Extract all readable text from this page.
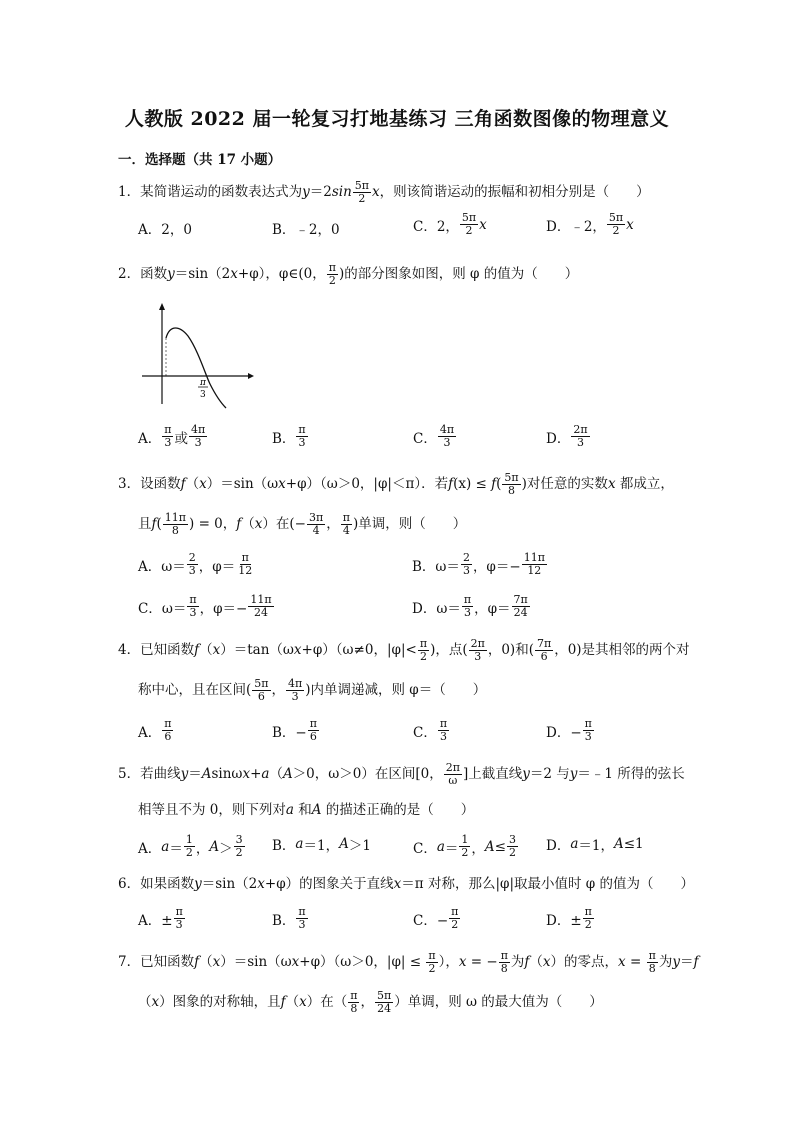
人教版 2022 届一轮复习打地基练习 三角函数图像的物理意义
一．选择题（共 17 小题）
1．某简谐运动的函数表达式为$y=2\sin \frac{5\pi}{2}$ x，则该简谐运动的振幅和初相分别是（　　）
A．2，0	B．﹣2，0	C．2， $\frac{5\pi}{2}$ x	D．﹣2， $\frac{5\pi}{2}$ x
2．函数y＝sin（2x+φ），φ∈(0， $\frac{\pi}{2}$ )的部分图象如图，则 φ 的值为（　　）
π
3
A． $\frac{\pi}{3}$ 或 $\frac{4\pi}{3}$	B． $\frac{\pi}{3}$	C． $\frac{4\pi}{3}$	D． $\frac{2\pi}{3}$
3．设函数f（x）＝sin（ωx+φ）（ω＞0，|φ|＜π）．若$f(x) \le f( \frac{5\pi}{8}$ )对任意的实数x 都成立，
且$f( \frac{11\pi}{8}$ ) = 0，f（x）在(− $\frac{3\pi}{4}$ ， $\frac{\pi}{4}$ )单调，则（　　）
A．$\omega= \frac{2}{3}$ ，$\varphi= \frac{\pi}{12}$	B．$\omega= \frac{2}{3}$ ，$\varphi=- \frac{11\pi}{12}$
C．$\omega= \frac{\pi}{3}$ ，$\varphi=- \frac{11\pi}{24}$	D．$\omega= \frac{\pi}{3}$ ，$\varphi= \frac{7\pi}{24}$
4．已知函数f（x）＝tan（ωx+φ）（ω≠0，$|\varphi|< \frac{\pi}{2}$ )，点( $\frac{2\pi}{3}$ ，0)和( $\frac{7\pi}{6}$ ，0)是其相邻的两个对
称中心，且在区间( $\frac{5\pi}{6}$ ， $\frac{4\pi}{3}$ )内单调递减，则 φ＝（　　）
A． $\frac{\pi}{6}$	B．− $\frac{\pi}{6}$	C． $\frac{\pi}{3}$	D．− $\frac{\pi}{3}$
5．若曲线y＝Asinωx+a（A＞0，ω＞0）在区间[0， $\frac{2\pi}{\omega}$ ]上截直线y＝2 与y＝﹣1 所得的弦长
相等且不为 0，则下列对a 和A 的描述正确的是（　　）
A． $a = \frac{1}{2}$ ， $A > \frac{3}{2}$ B． a ＝1， A ＞1	C． $a = \frac{1}{2}$ ， $A \le \frac{3}{2}$ D． a ＝1， A ≤1
6．如果函数y＝sin（2x+φ）的图象关于直线x＝π 对称，那么|φ|取最小值时 φ 的值为（　　）
A．± $\frac{\pi}{3}$	B． $\frac{\pi}{3}$	C．− $\frac{\pi}{2}$	D．± $\frac{\pi}{2}$
7．已知函数f（x）＝sin（ωx+φ）（ω＞0，$|\varphi| \le \frac{\pi}{2}$ ），x = − $\frac{\pi}{8}$ 为f（x）的零点，$x = \frac{\pi}{8}$ 为y＝f
（x）图象的对称轴，且f（x）在（ $\frac{\pi}{8}$ ， $\frac{5\pi}{24}$ ）单调，则 ω 的最大值为（　　）
